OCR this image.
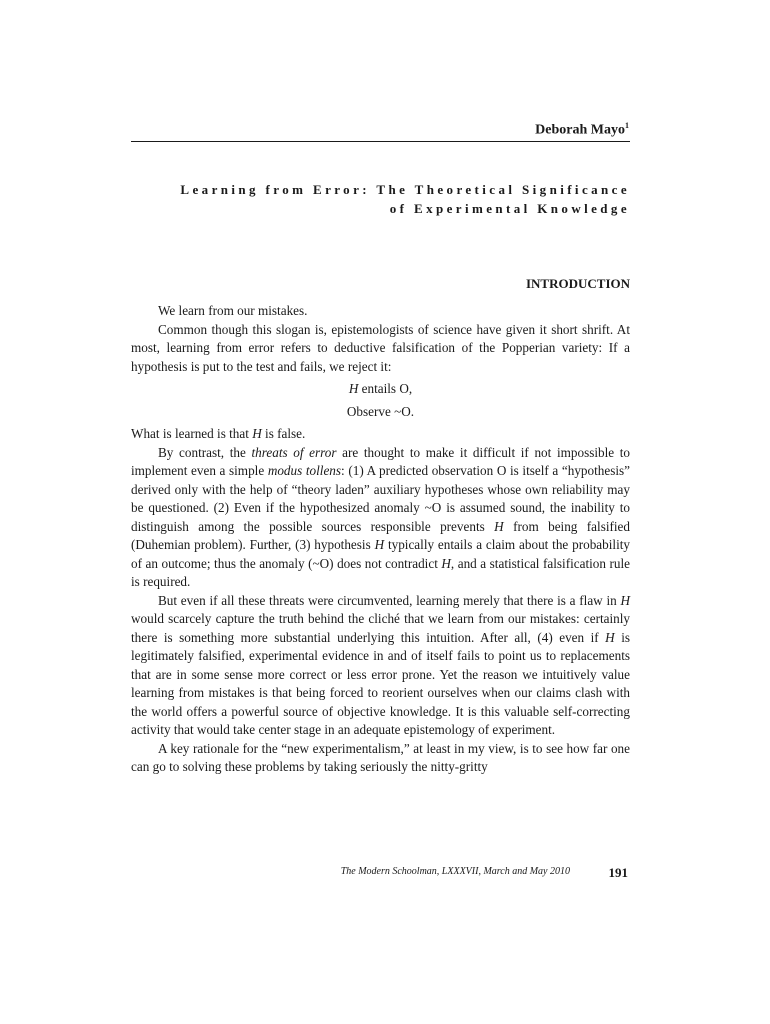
Deborah Mayo$^1$
Learning from Error: The Theoretical Significance
of Experimental Knowledge
INTRODUCTION

We learn from our mistakes.

Common though this slogan is, epistemologists of science have given it short shrift. At most, learning from error refers to deductive falsification of the Popperian variety: If a hypothesis is put to the test and fails, we reject it:

H entails O,

Observe ~O.

What is learned is that H is false.

By contrast, the threats of error are thought to make it difficult if not impossible to implement even a simple modus tollens: (1) A predicted observation O is itself a “hypothesis” derived only with the help of “theory laden” auxiliary hypotheses whose own reliability may be questioned. (2) Even if the hypothesized anomaly ~O is assumed sound, the inability to distinguish among the possible sources responsible prevents H from being falsified (Duhemian problem). Further, (3) hypothesis H typically entails a claim about the probability of an outcome; thus the anomaly (~O) does not contradict H, and a statistical falsification rule is required.

But even if all these threats were circumvented, learning merely that there is a flaw in H would scarcely capture the truth behind the cliché that we learn from our mistakes: certainly there is something more substantial underlying this intuition. After all, (4) even if H is legitimately falsified, experimental evidence in and of itself fails to point us to replacements that are in some sense more correct or less error prone. Yet the reason we intuitively value learning from mistakes is that being forced to reorient ourselves when our claims clash with the world offers a powerful source of objective knowledge. It is this valuable self-correcting activity that would take center stage in an adequate epistemology of experiment.

A key rationale for the “new experimentalism,” at least in my view, is to see how far one can go to solving these problems by taking seriously the nitty-gritty

The Modern Schoolman, LXXXVII, March and May 2010	191
